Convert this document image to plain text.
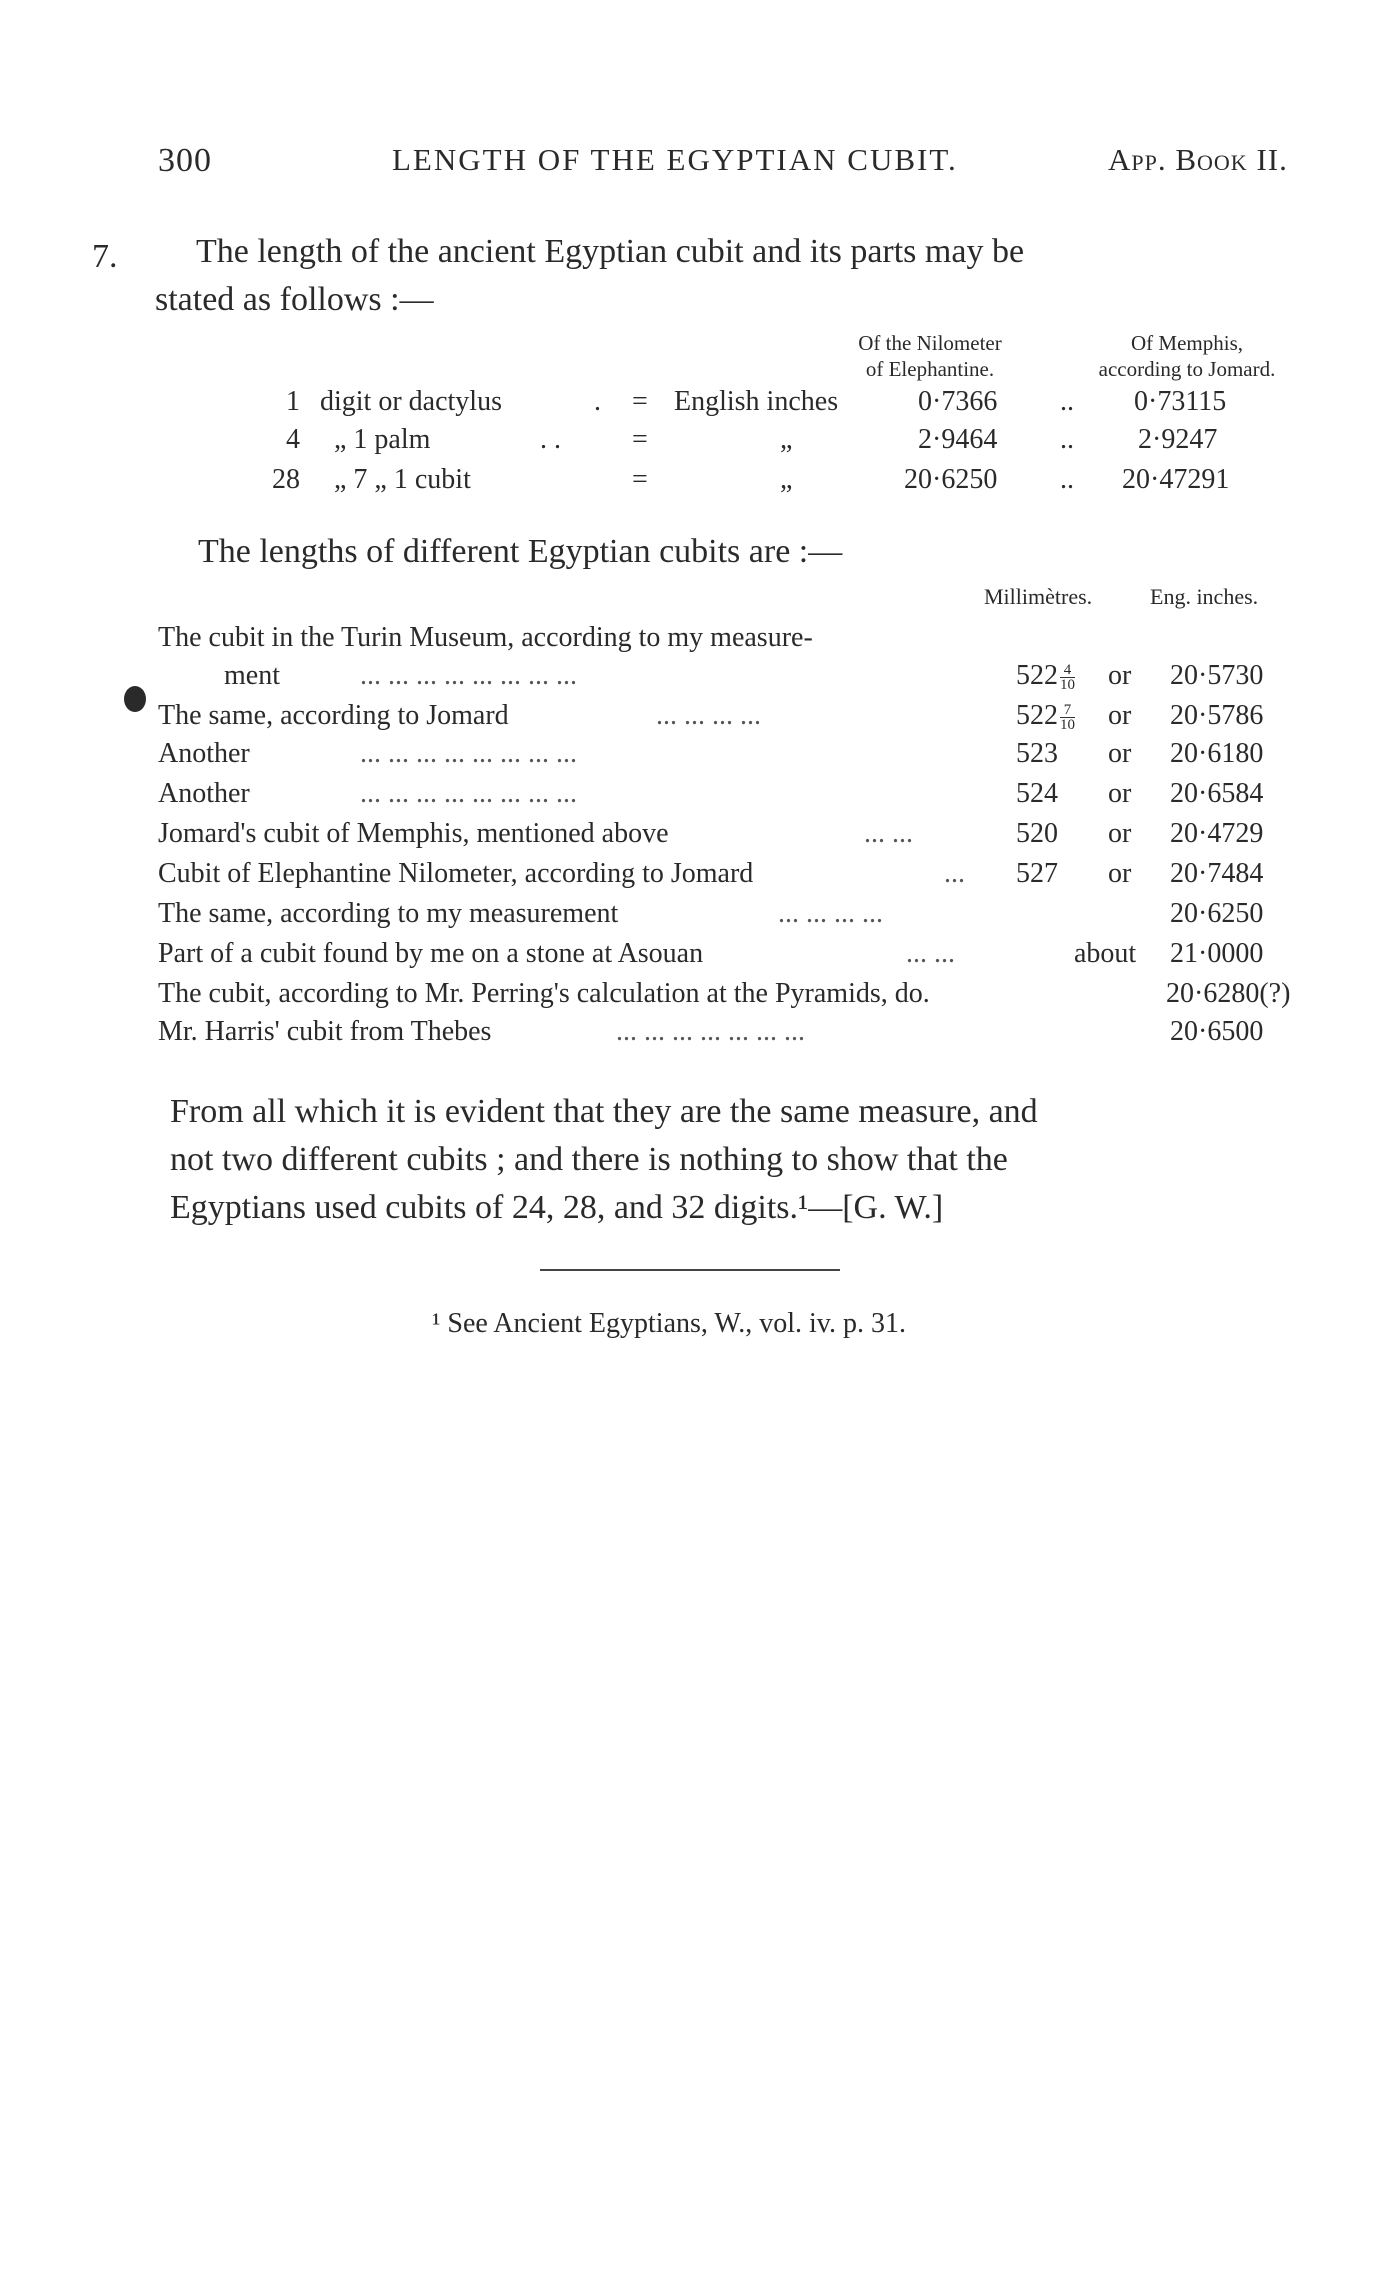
300	LENGTH OF THE EGYPTIAN CUBIT.	App. Book II.
7. The length of the ancient Egyptian cubit and its parts may be
stated as follows :—
Of the Nilometer
of Elephantine.
Of Memphis,
according to Jomard.
1 digit or dactylus	. = English inches	0·7366 .. 0·73115
4 „ 1 palm	. .	=	„	2·9464 .. 2·9247
28 „ 7 „ 1 cubit	=	„	20·6250 .. 20·47291
The lengths of different Egyptian cubits are :—
Millimètres.	Eng. inches.
The cubit in the Turin Museum, according to my measure-
ment	... ... ... ... ... ... ... ...	$522 \frac{4}{10}$ or 20·5730
The same, according to Jomard	... ... ... ...	$522 \frac{7}{10}$ or 20·5786
Another	... ... ... ... ... ... ... ...	523 or 20·6180
Another	... ... ... ... ... ... ... ...	524 or 20·6584
Jomard's cubit of Memphis, mentioned above	... ...	520 or 20·4729
Cubit of Elephantine Nilometer, according to Jomard	... 527 or 20·7484
The same, according to my measurement	... ... ... ...	20·6250
Part of a cubit found by me on a stone at Asouan	... ...	about 21·0000
The cubit, according to Mr. Perring's calculation at the Pyramids, do.	20·6280(?)
Mr. Harris' cubit from Thebes	... ... ... ... ... ... ...	20·6500
From all which it is evident that they are the same measure, and
not two different cubits ; and there is nothing to show that the
Egyptians used cubits of 24, 28, and 32 digits.¹—[G. W.]
¹ See Ancient Egyptians, W., vol. iv. p. 31.
